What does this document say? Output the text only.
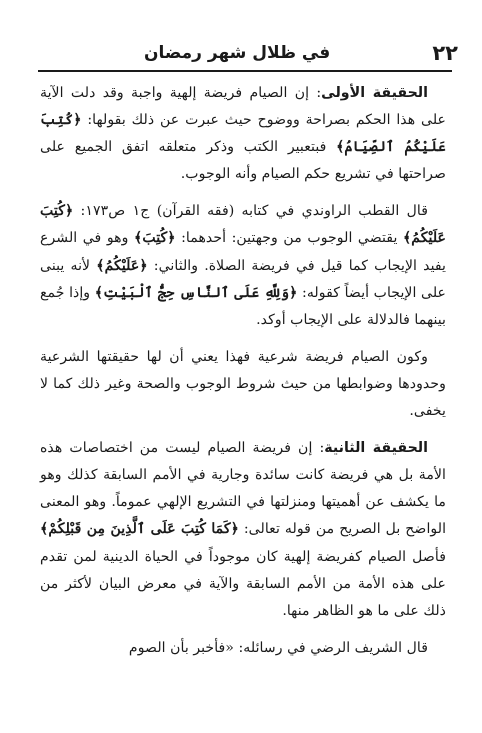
٢٢
في ظلال شهر رمضان

الحقيقة الأولى: إن الصيام فريضة إلهية واجبة وقد دلت الآية على هذا الحكم بصراحة ووضوح حيث عبرت عن ذلك بقولها: ﴿كُتِبَ عَلَيْكُمُ ٱلصِّيَامُ﴾ فبتعبير الكتب وذكر متعلقه اتفق الجميع على صراحتها في تشريع حكم الصيام وأنه الوجوب.

قال القطب الراوندي في كتابه (فقه القرآن) ج١ ص١٧٣: ﴿كُتِبَ عَلَيْكُمُ﴾ يقتضي الوجوب من وجهتين: أحدهما: ﴿كُتِبَ﴾ وهو في الشرع يفيد الإيجاب كما قيل في فريضة الصلاة. والثاني: ﴿عَلَيْكُمُ﴾ لأنه يبنى على الإيجاب أيضاً كقوله: ﴿وَلِلَّهِ عَلَى ٱلنَّاسِ حِجُّ ٱلْبَيْتِ﴾ وإذا جُمع بينهما فالدلالة على الإيجاب أوكد.

وكون الصيام فريضة شرعية فهذا يعني أن لها حقيقتها الشرعية وحدودها وضوابطها من حيث شروط الوجوب والصحة وغير ذلك كما لا يخفى.

الحقيقة الثانية: إن فريضة الصيام ليست من اختصاصات هذه الأمة بل هي فريضة كانت سائدة وجارية في الأمم السابقة كذلك وهو ما يكشف عن أهميتها ومنزلتها في التشريع الإلهي عموماً. وهو المعنى الواضح بل الصريح من قوله تعالى: ﴿كَمَا كُتِبَ عَلَى ٱلَّذِينَ مِن قَبْلِكُمْ﴾ فأصل الصيام كفريضة إلهية كان موجوداً في الحياة الدينية لمن تقدم على هذه الأمة من الأمم السابقة والآية في معرض البيان لأكثر من ذلك على ما هو الظاهر منها.

قال الشريف الرضي في رسائله: «فأخبر بأن الصوم
